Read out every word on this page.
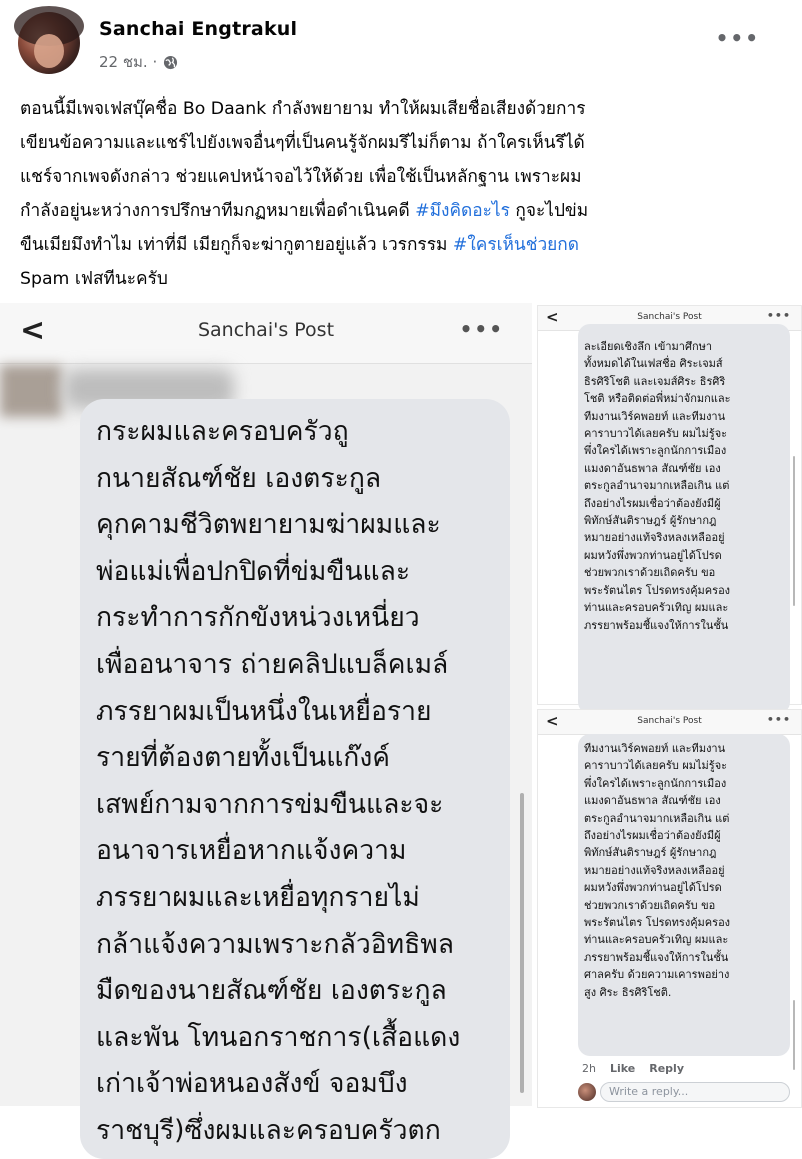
Sanchai Engtrakul
22 ชม. ·
•••
ตอนนี้มีเพจเฟสบุ๊คชื่อ Bo Daank กำลังพยายาม ทำให้ผมเสียชื่อเสียงด้วยการ
เขียนข้อความและแชร์ไปยังเพจอื่นๆที่เป็นคนรู้จักผมรึไม่ก็ตาม ถ้าใครเห็นรึได้
แชร์จากเพจดังกล่าว ช่วยแคปหน้าจอไว้ให้ด้วย เพื่อใช้เป็นหลักฐาน เพราะผม
กำลังอยู่นะหว่างการปรึกษาทีมกฏหมายเพื่อดำเนินคดี #มึงคิดอะไร กูจะไปข่ม
ขืนเมียมึงทำไม เท่าที่มี เมียกูก็จะฆ่ากูตายอยู่แล้ว เวรกรรม #ใครเห็นช่วยกด
Spam เฟสทีนะครับ
<	Sanchai's Post	•••
กระผมและครอบครัวถู
กนายสัณฑ์ชัย เองตระกูล
คุกคามชีวิตพยายามฆ่าผมและ
พ่อแม่เพื่อปกปิดที่ข่มขืนและ
กระทำการกักขังหน่วงเหนี่ยว
เพื่ออนาจาร ถ่ายคลิปแบล็คเมล์
ภรรยาผมเป็นหนึ่งในเหยื่อราย
รายที่ต้องตายทั้งเป็นแก๊งค์
เสพย์กามจากการข่มขืนและจะ
อนาจารเหยื่อหากแจ้งความ
ภรรยาผมและเหยื่อทุกรายไม่
กล้าแจ้งความเพราะกลัวอิทธิพล
มืดของนายสัณฑ์ชัย เองตระกูล
และพัน โทนอกราชการ(เสื้อแดง
เก่าเจ้าพ่อหนองสังข์ จอมบึง
ราชบุรี)ซึ่งผมและครอบครัวตก
<	Sanchai's Post	•••
ละเอียดเชิงลึก เข้ามาศึกษา
ทั้งหมดได้ในเฟสชื่อ ศิระเจมส์
ธิรศิริโชติ และเจมส์ศิระ ธิรศิริ
โชติ หรือติดต่อพี่หม่าจักมกและ
ทีมงานเวิร์คพอยท์ และทีมงาน
คาราบาวได้เลยครับ ผมไม่รู้จะ
พึ่งใครได้เพราะลูกนักการเมือง
แมงดาอันธพาล สัณฑ์ชัย เอง
ตระกูลอำนาจมากเหลือเกิน แต่
ถึงอย่างไรผมเชื่อว่าต้องยังมีผู้
พิทักษ์สันติราษฎร์ ผู้รักษากฎ
หมายอย่างแท้จริงหลงเหลืออยู่
ผมหวังพึ่งพวกท่านอยู่ได้โปรด
ช่วยพวกเราด้วยเถิดครับ ขอ
พระรัตนไตร โปรดทรงคุ้มครอง
ท่านและครอบครัวเทิญ ผมและ
ภรรยาพร้อมชี้แจงให้การในชั้น
<	Sanchai's Post	•••
ทีมงานเวิร์คพอยท์ และทีมงาน
คาราบาวได้เลยครับ ผมไม่รู้จะ
พึ่งใครได้เพราะลูกนักการเมือง
แมงดาอันธพาล สัณฑ์ชัย เอง
ตระกูลอำนาจมากเหลือเกิน แต่
ถึงอย่างไรผมเชื่อว่าต้องยังมีผู้
พิทักษ์สันติราษฎร์ ผู้รักษากฎ
หมายอย่างแท้จริงหลงเหลืออยู่
ผมหวังพึ่งพวกท่านอยู่ได้โปรด
ช่วยพวกเราด้วยเถิดครับ ขอ
พระรัตนไตร โปรดทรงคุ้มครอง
ท่านและครอบครัวเทิญ ผมและ
ภรรยาพร้อมชี้แจงให้การในชั้น
ศาลครับ ด้วยความเคารพอย่าง
สูง ศิระ ธิรศิริโชติ.
2h Like Reply
Write a reply...
